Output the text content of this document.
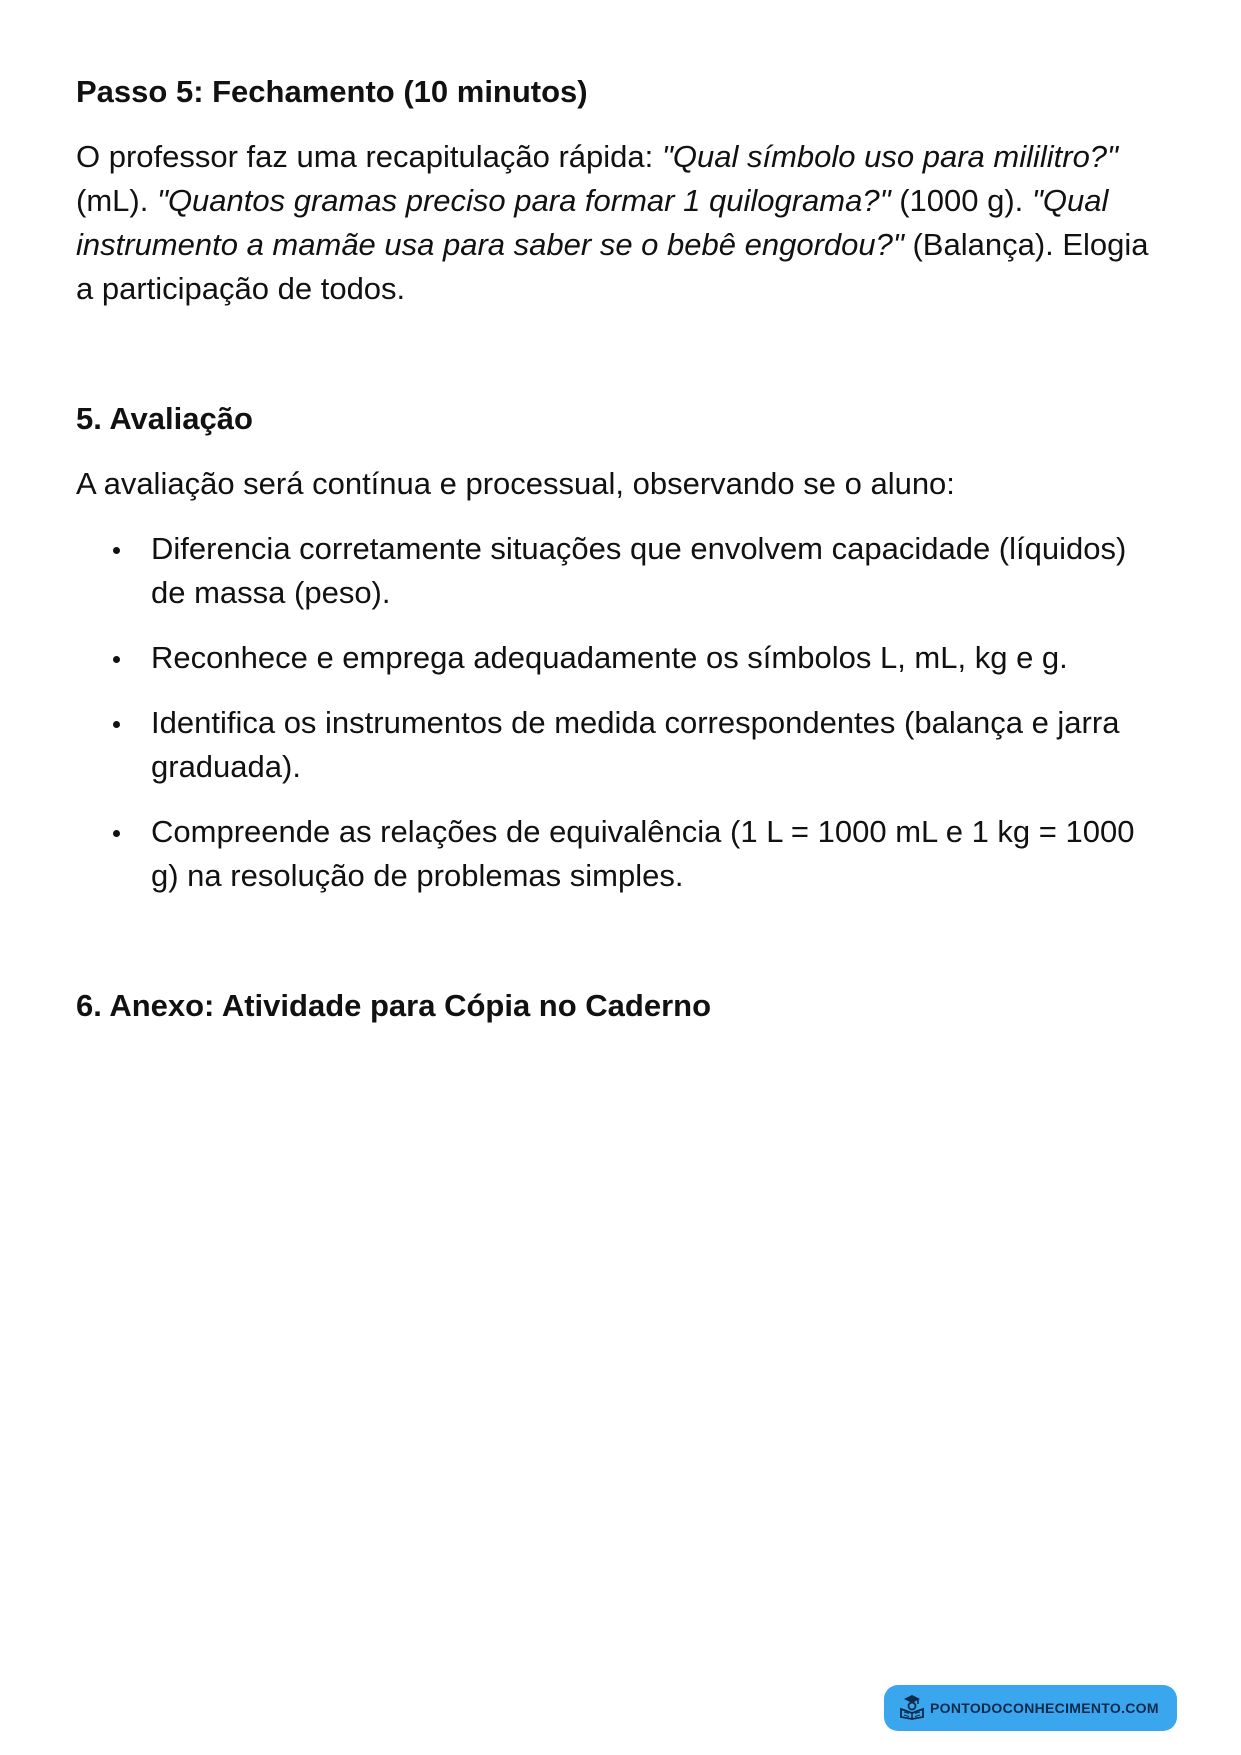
Passo 5: Fechamento (10 minutos)

O professor faz uma recapitulação rápida: "Qual símbolo uso para mililitro?" (mL). "Quantos gramas preciso para formar 1 quilograma?" (1000 g). "Qual instrumento a mamãe usa para saber se o bebê engordou?" (Balança). Elogia a participação de todos.

5. Avaliação

A avaliação será contínua e processual, observando se o aluno:

Diferencia corretamente situações que envolvem capacidade (líquidos) de massa (peso).
Reconhece e emprega adequadamente os símbolos L, mL, kg e g.
Identifica os instrumentos de medida correspondentes (balança e jarra graduada).
Compreende as relações de equivalência (1 L = 1000 mL e 1 kg = 1000 g) na resolução de problemas simples.
6. Anexo: Atividade para Cópia no Caderno
PONTODOCONHECIMENTO.COM
